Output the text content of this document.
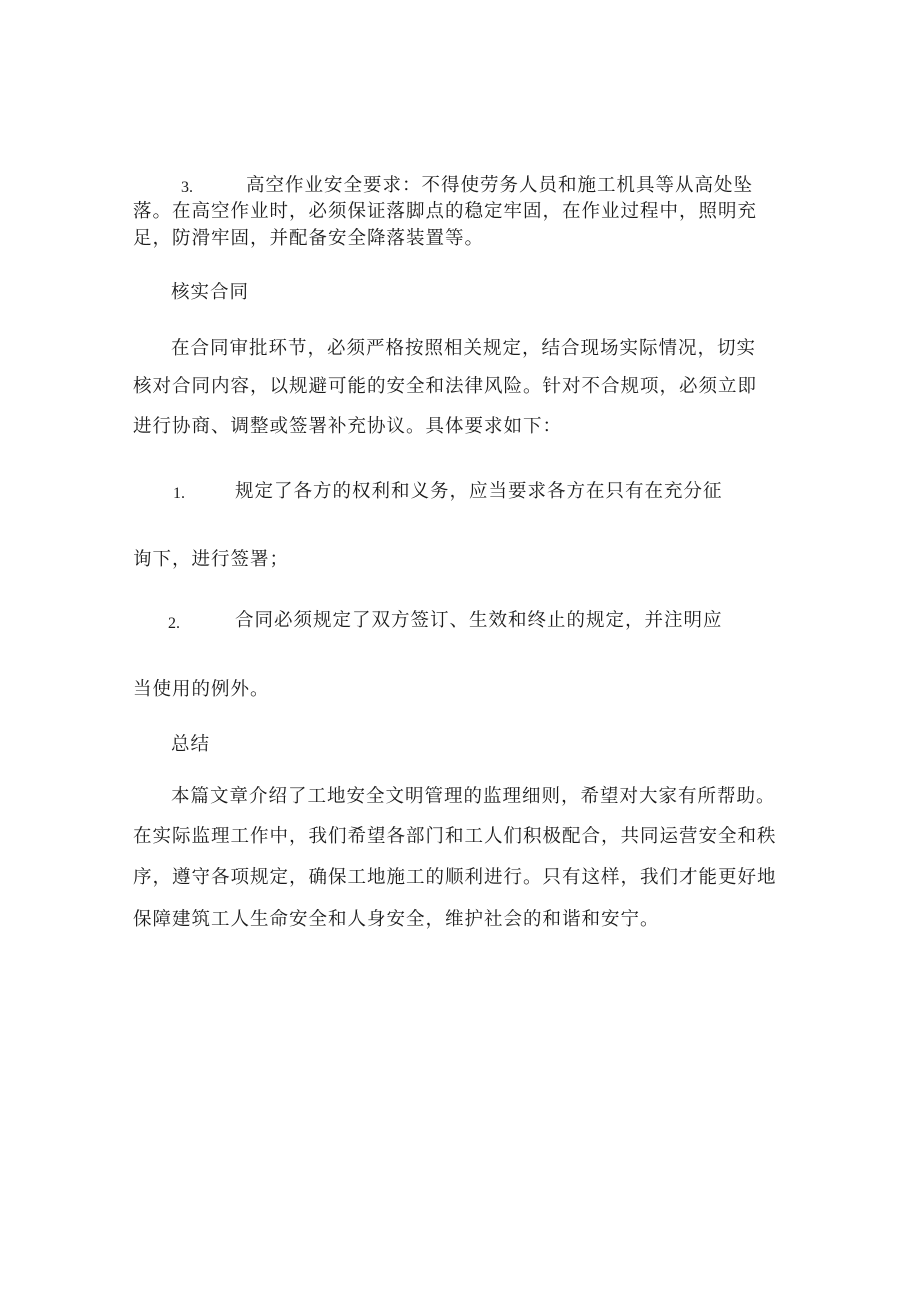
3.	高空作业安全要求：不得使劳务人员和施工机具等从高处坠
落。在高空作业时，必须保证落脚点的稳定牢固，在作业过程中，照明充
足，防滑牢固，并配备安全降落装置等。
核实合同
在合同审批环节，必须严格按照相关规定，结合现场实际情况，切实
核对合同内容，以规避可能的安全和法律风险。针对不合规项，必须立即
进行协商、调整或签署补充协议。具体要求如下：
1.	规定了各方的权利和义务，应当要求各方在只有在充分征
询下，进行签署；
2.	合同必须规定了双方签订、生效和终止的规定，并注明应
当使用的例外。
总结
本篇文章介绍了工地安全文明管理的监理细则，希望对大家有所帮助。
在实际监理工作中，我们希望各部门和工人们积极配合，共同运营安全和秩
序，遵守各项规定，确保工地施工的顺利进行。只有这样，我们才能更好地
保障建筑工人生命安全和人身安全，维护社会的和谐和安宁。
